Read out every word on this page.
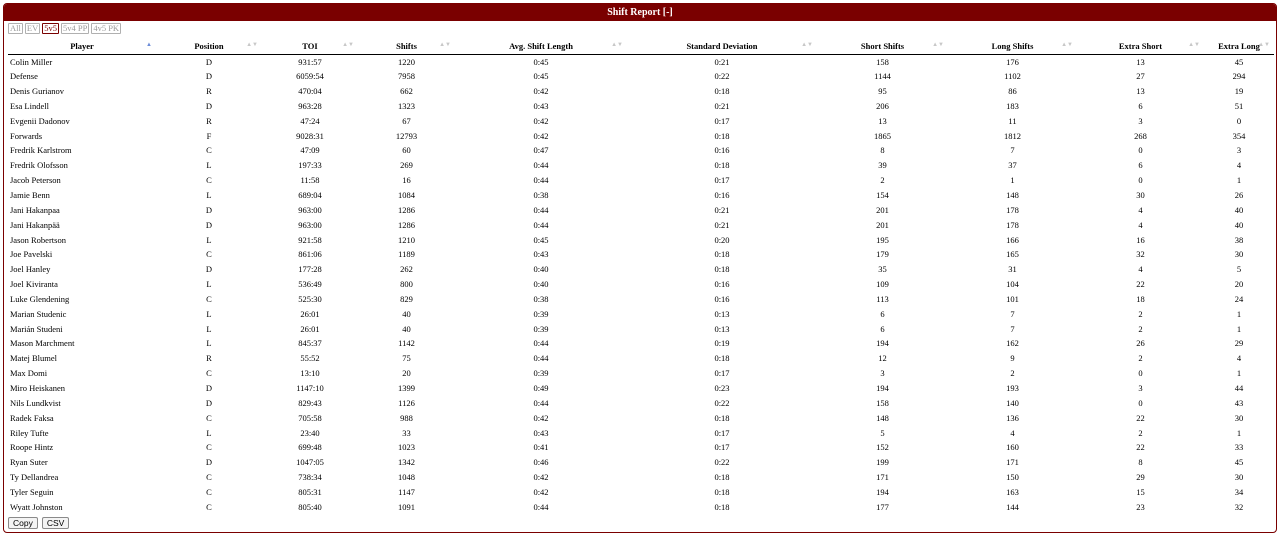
Shift Report [-]
All EV 5v5 5v4 PP 4v5 PK
Player ▲	Position ▲▼	TOI ▲▼	Shifts ▲▼	Avg. Shift Length ▲▼	Standard Deviation ▲▼	Short Shifts ▲▼	Long Shifts ▲▼	Extra Short ▲▼	Extra Long
▲▼

Colin Miller	D	931:57	1220	0:45	0:21	158	176	13	45
Defense	D	6059:54	7958	0:45	0:22	1144	1102	27	294
Denis Gurianov	R	470:04	662	0:42	0:18	95	86	13	19
Esa Lindell	D	963:28	1323	0:43	0:21	206	183	6	51
Evgenii Dadonov	R	47:24	67	0:42	0:17	13	11	3	0
Forwards	F	9028:31	12793	0:42	0:18	1865	1812	268	354
Fredrik Karlstrom	C	47:09	60	0:47	0:16	8	7	0	3
Fredrik Olofsson	L	197:33	269	0:44	0:18	39	37	6	4
Jacob Peterson	C	11:58	16	0:44	0:17	2	1	0	1
Jamie Benn	L	689:04	1084	0:38	0:16	154	148	30	26
Jani Hakanpaa	D	963:00	1286	0:44	0:21	201	178	4	40
Jani Hakanpää	D	963:00	1286	0:44	0:21	201	178	4	40
Jason Robertson	L	921:58	1210	0:45	0:20	195	166	16	38
Joe Pavelski	C	861:06	1189	0:43	0:18	179	165	32	30
Joel Hanley	D	177:28	262	0:40	0:18	35	31	4	5
Joel Kiviranta	L	536:49	800	0:40	0:16	109	104	22	20
Luke Glendening	C	525:30	829	0:38	0:16	113	101	18	24
Marian Studenic	L	26:01	40	0:39	0:13	6	7	2	1
Marián Studeni	L	26:01	40	0:39	0:13	6	7	2	1
Mason Marchment	L	845:37	1142	0:44	0:19	194	162	26	29
Matej Blumel	R	55:52	75	0:44	0:18	12	9	2	4
Max Domi	C	13:10	20	0:39	0:17	3	2	0	1
Miro Heiskanen	D	1147:10	1399	0:49	0:23	194	193	3	44
Nils Lundkvist	D	829:43	1126	0:44	0:22	158	140	0	43
Radek Faksa	C	705:58	988	0:42	0:18	148	136	22	30
Riley Tufte	L	23:40	33	0:43	0:17	5	4	2	1
Roope Hintz	C	699:48	1023	0:41	0:17	152	160	22	33
Ryan Suter	D	1047:05	1342	0:46	0:22	199	171	8	45
Ty Dellandrea	C	738:34	1048	0:42	0:18	171	150	29	30
Tyler Seguin	C	805:31	1147	0:42	0:18	194	163	15	34
Wyatt Johnston	C	805:40	1091	0:44	0:18	177	144	23	32
Copy	CSV
